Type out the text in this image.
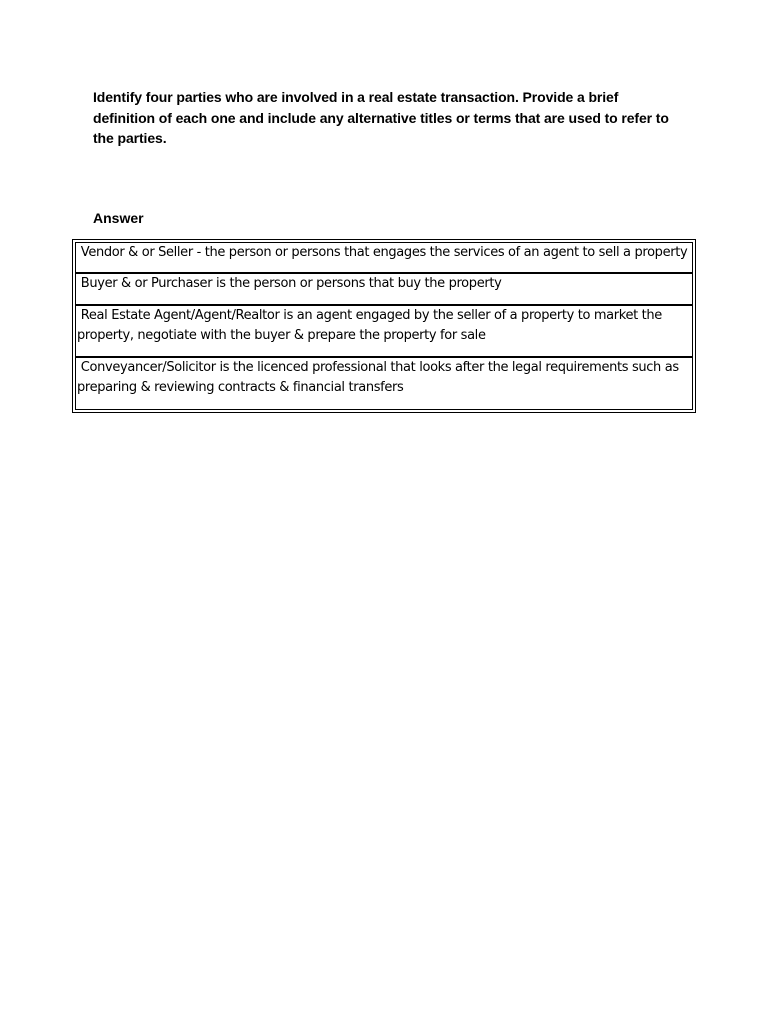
Identify four parties who are involved in a real estate transaction. Provide a brief definition of each one and include any alternative titles or terms that are used to refer to the parties.
Answer
Vendor & or Seller - the person or persons that engages the services of an agent to sell a property
Buyer & or Purchaser is the person or persons that buy the property
Real Estate Agent/Agent/Realtor is an agent engaged by the seller of a property to market the property, negotiate with the buyer & prepare the property for sale
Conveyancer/Solicitor is the licenced professional that looks after the legal requirements such as preparing & reviewing contracts & financial transfers
